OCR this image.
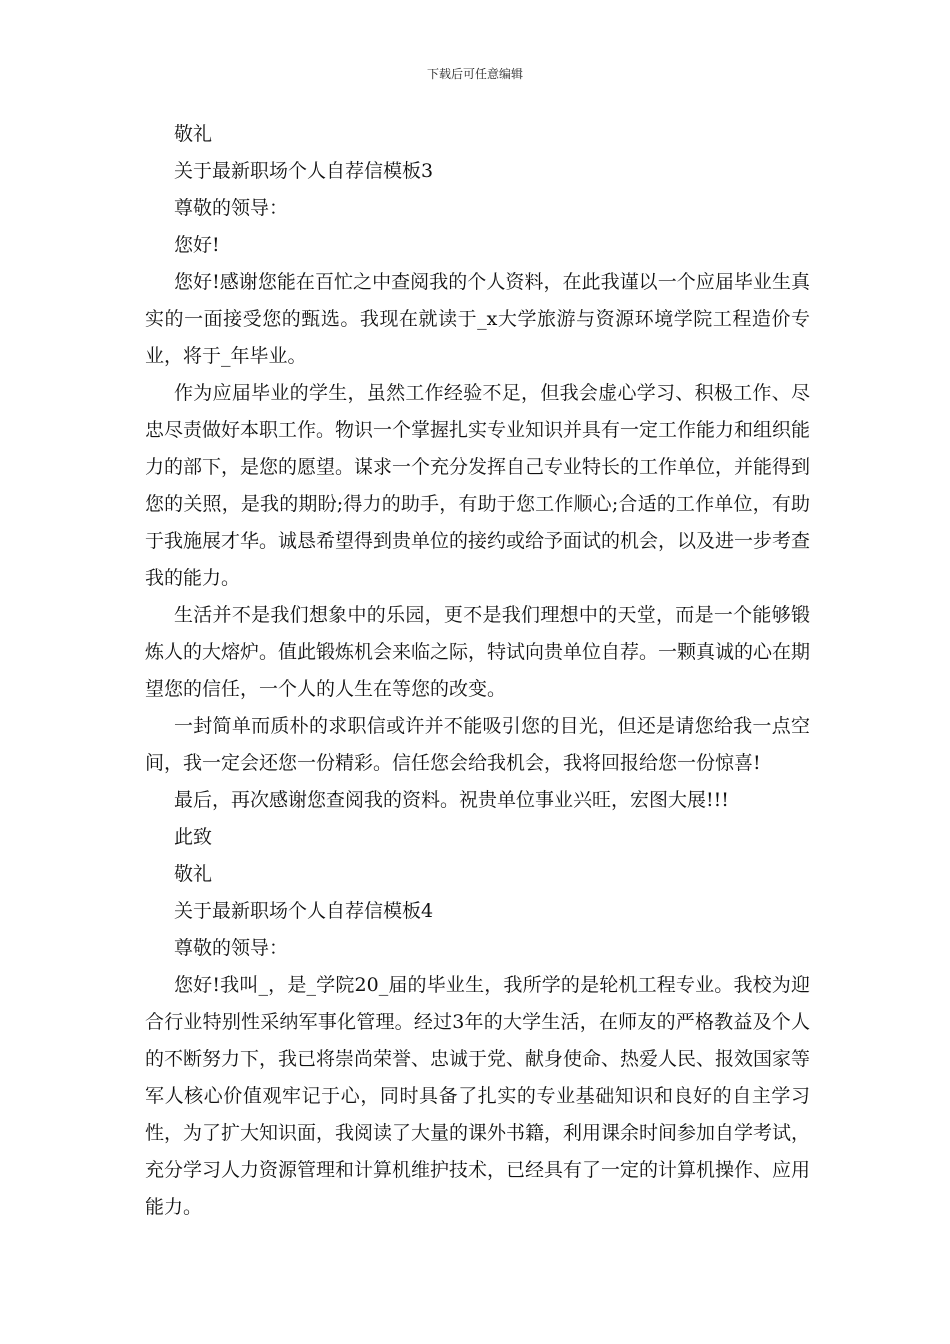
下载后可任意编辑
敬礼
关于最新职场个人自荐信模板3
尊敬的领导：
您好!

您好!感谢您能在百忙之中查阅我的个人资料，在此我谨以一个应届毕业生真实的一面接受您的甄选。我现在就读于_x大学旅游与资源环境学院工程造价专业，将于_年毕业。

作为应届毕业的学生，虽然工作经验不足，但我会虚心学习、积极工作、尽忠尽责做好本职工作。物识一个掌握扎实专业知识并具有一定工作能力和组织能力的部下，是您的愿望。谋求一个充分发挥自己专业特长的工作单位，并能得到您的关照，是我的期盼;得力的助手，有助于您工作顺心;合适的工作单位，有助于我施展才华。诚恳希望得到贵单位的接约或给予面试的机会，以及进一步考查我的能力。

生活并不是我们想象中的乐园，更不是我们理想中的天堂，而是一个能够锻炼人的大熔炉。值此锻炼机会来临之际，特试向贵单位自荐。一颗真诚的心在期望您的信任，一个人的人生在等您的改变。

一封简单而质朴的求职信或许并不能吸引您的目光，但还是请您给我一点空间，我一定会还您一份精彩。信任您会给我机会，我将回报给您一份惊喜!

最后，再次感谢您查阅我的资料。祝贵单位事业兴旺，宏图大展!!!
此致
敬礼
关于最新职场个人自荐信模板4
尊敬的领导：

您好!我叫_，是_学院20_届的毕业生，我所学的是轮机工程专业。我校为迎合行业特别性采纳军事化管理。经过3年的大学生活，在师友的严格教益及个人的不断努力下，我已将崇尚荣誉、忠诚于党、献身使命、热爱人民、报效国家等军人核心价值观牢记于心，同时具备了扎实的专业基础知识和良好的自主学习性，为了扩大知识面，我阅读了大量的课外书籍，利用课余时间参加自学考试，充分学习人力资源管理和计算机维护技术，已经具有了一定的计算机操作、应用能力。
